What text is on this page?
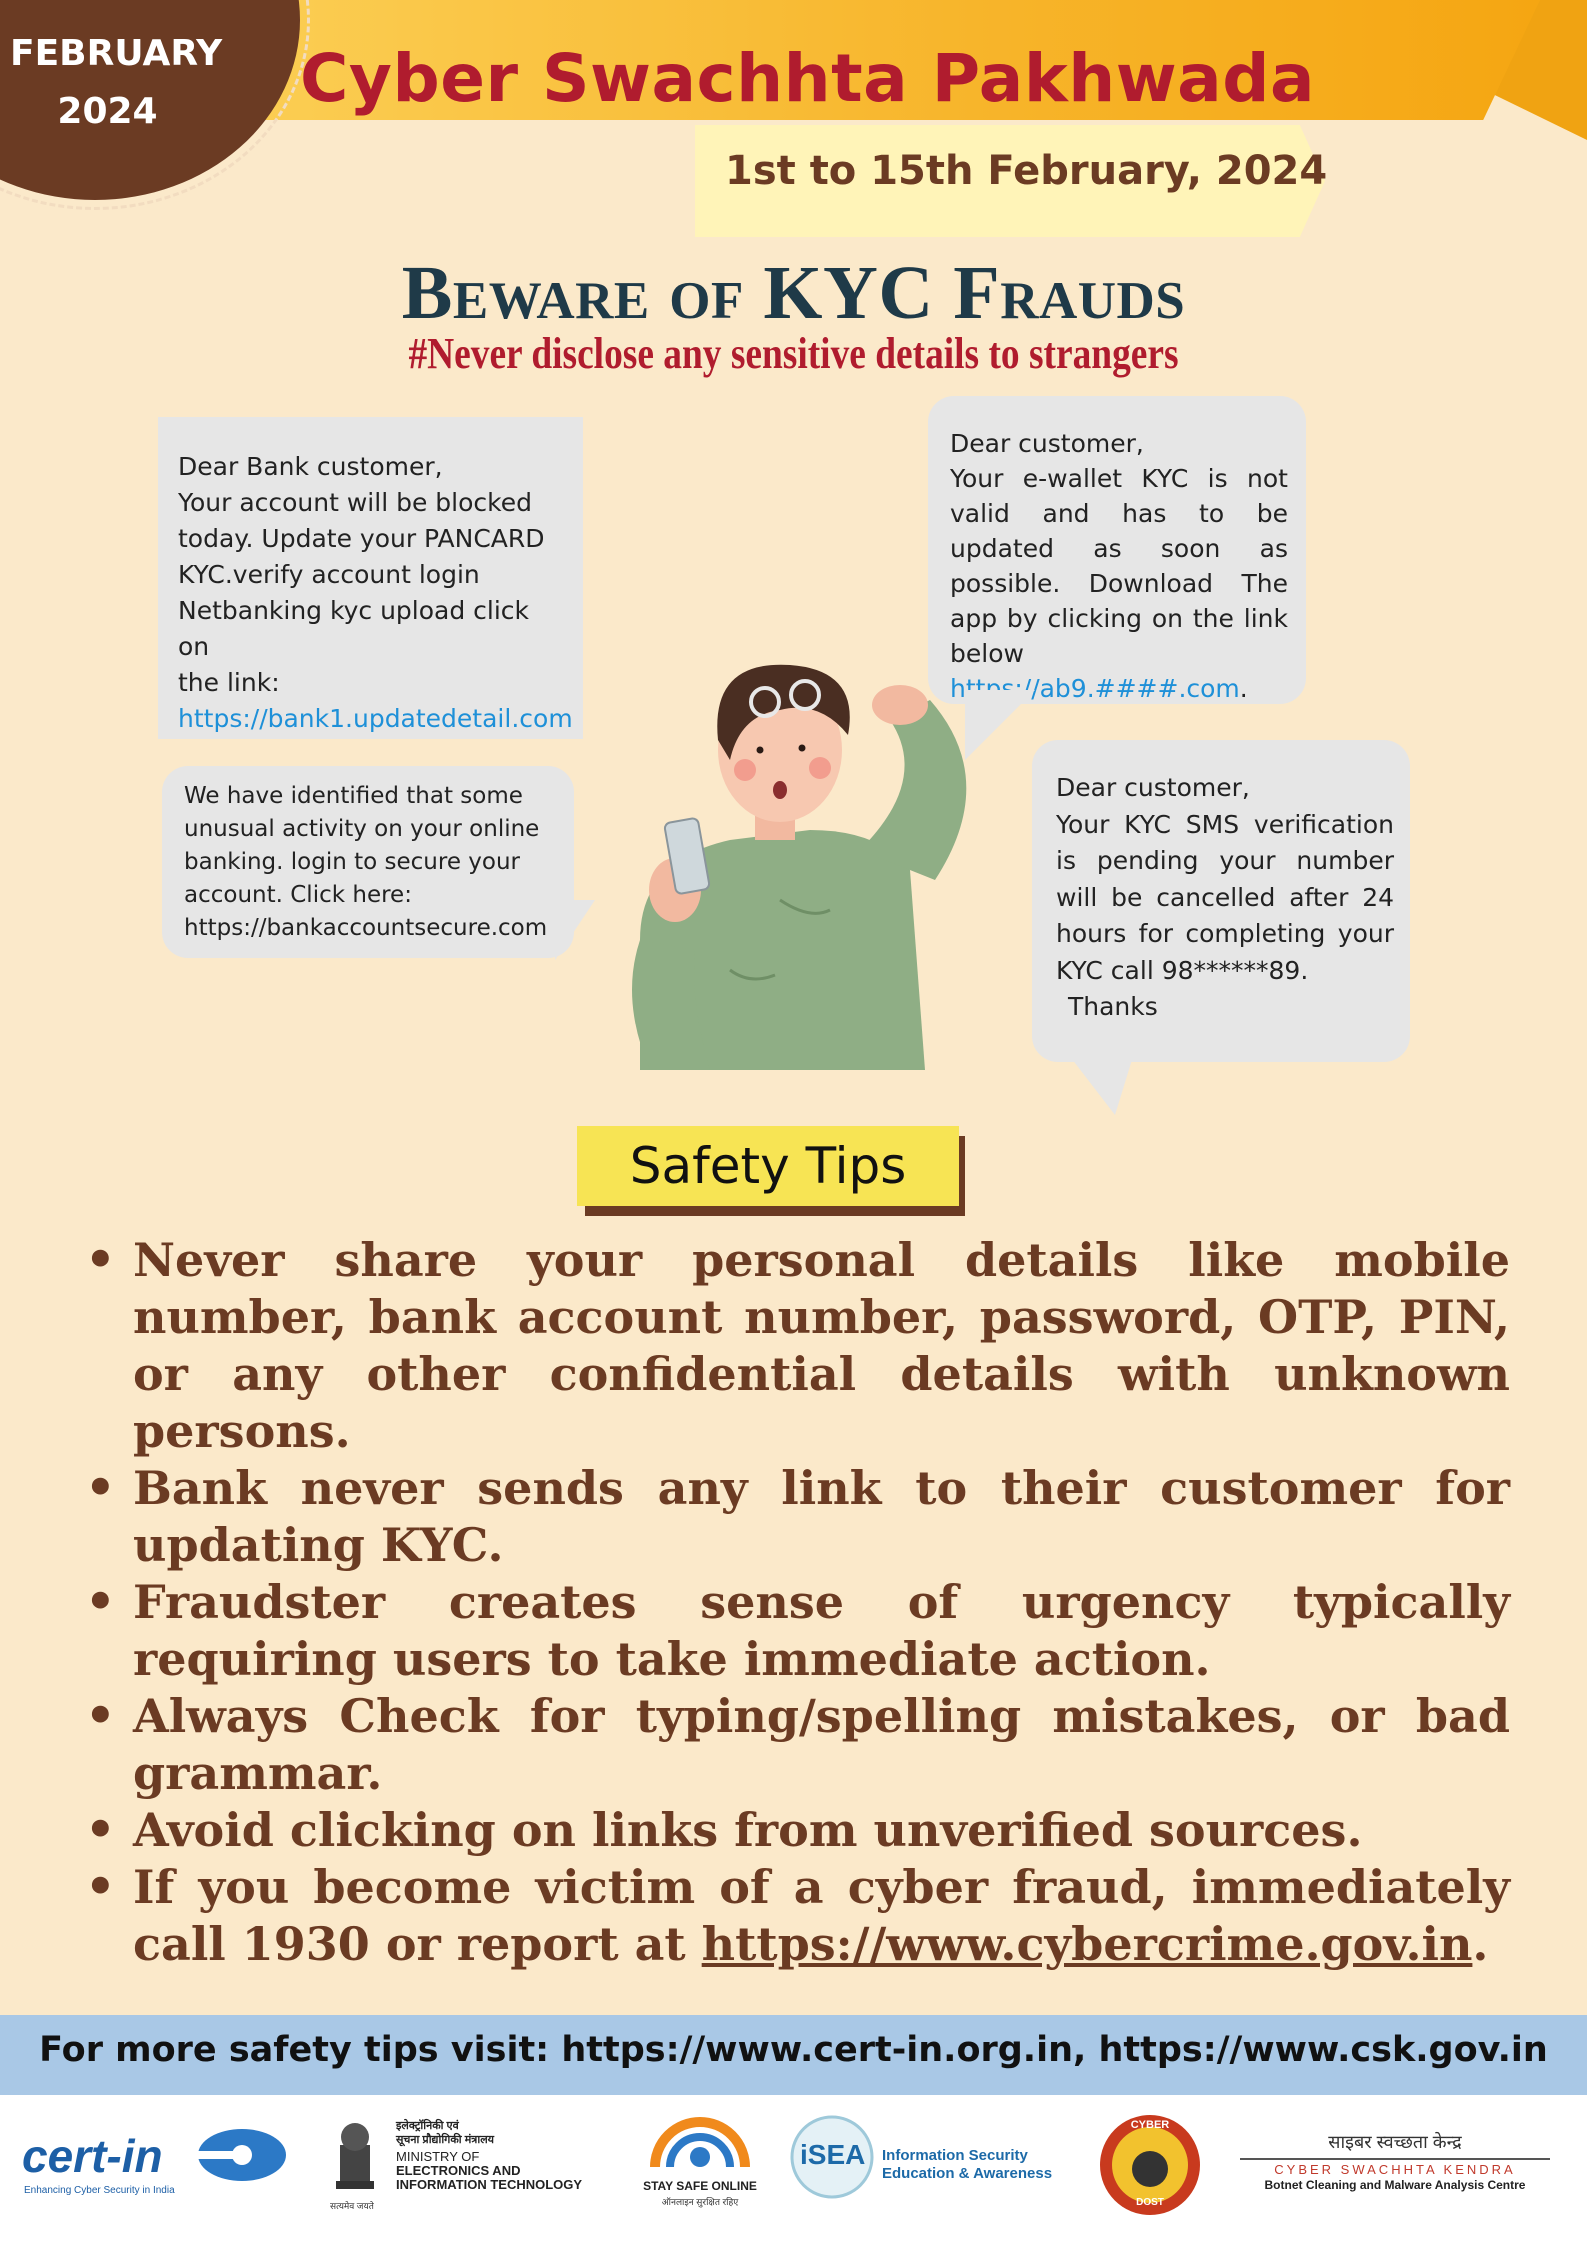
FEBRUARY
2024	Cyber Swachhta Pakhwada
1st to 15th February, 2024
Beware of KYC Frauds
#Never disclose any sensitive details to strangers
Dear Bank customer,
Your account will be blocked
today. Update your PANCARD
KYC.verify account login
Netbanking kyc upload click on
the link:
https://bank1.updatedetail.com
Dear customer,
Your e-wallet KYC is not valid and has to be updated as soon as possible. Download The app by clicking on the link below https://ab9.####.com.
We have identified that some
unusual activity on your online
banking. login to secure your
account. Click here:
https://bankaccountsecure.com
Dear customer,
Your KYC SMS verification is pending your number will be cancelled after 24 hours for completing your KYC call 98******89.
Thanks
Safety Tips
• Never share your personal details like mobile number, bank account number, password, OTP, PIN, or any other confidential details with unknown persons.
• Bank never sends any link to their customer for updating KYC.
• Fraudster creates sense of urgency typically requiring users to take immediate action.
• Always Check for typing/spelling mistakes, or bad grammar.
• Avoid clicking on links from unverified sources.
• If you become victim of a cyber fraud, immediately call 1930 or report at https://www.cybercrime.gov.in.
For more safety tips visit: https://www.cert-in.org.in, https://www.csk.gov.in
cert-in
Enhancing Cyber Security in India
इलेक्ट्रॉनिकी एवं
सूचना प्रौद्योगिकी मंत्रालय
MINISTRY OF
ELECTRONICS AND
INFORMATION TECHNOLOGY
सत्यमेव जयते
STAY SAFE ONLINE
ऑनलाइन सुरक्षित रहिए
iSEA Information Security
Education & Awareness
CYBER
DOST
साइबर स्वच्छता केन्द्र
CYBER SWACHHTA KENDRA
Botnet Cleaning and Malware Analysis Centre
